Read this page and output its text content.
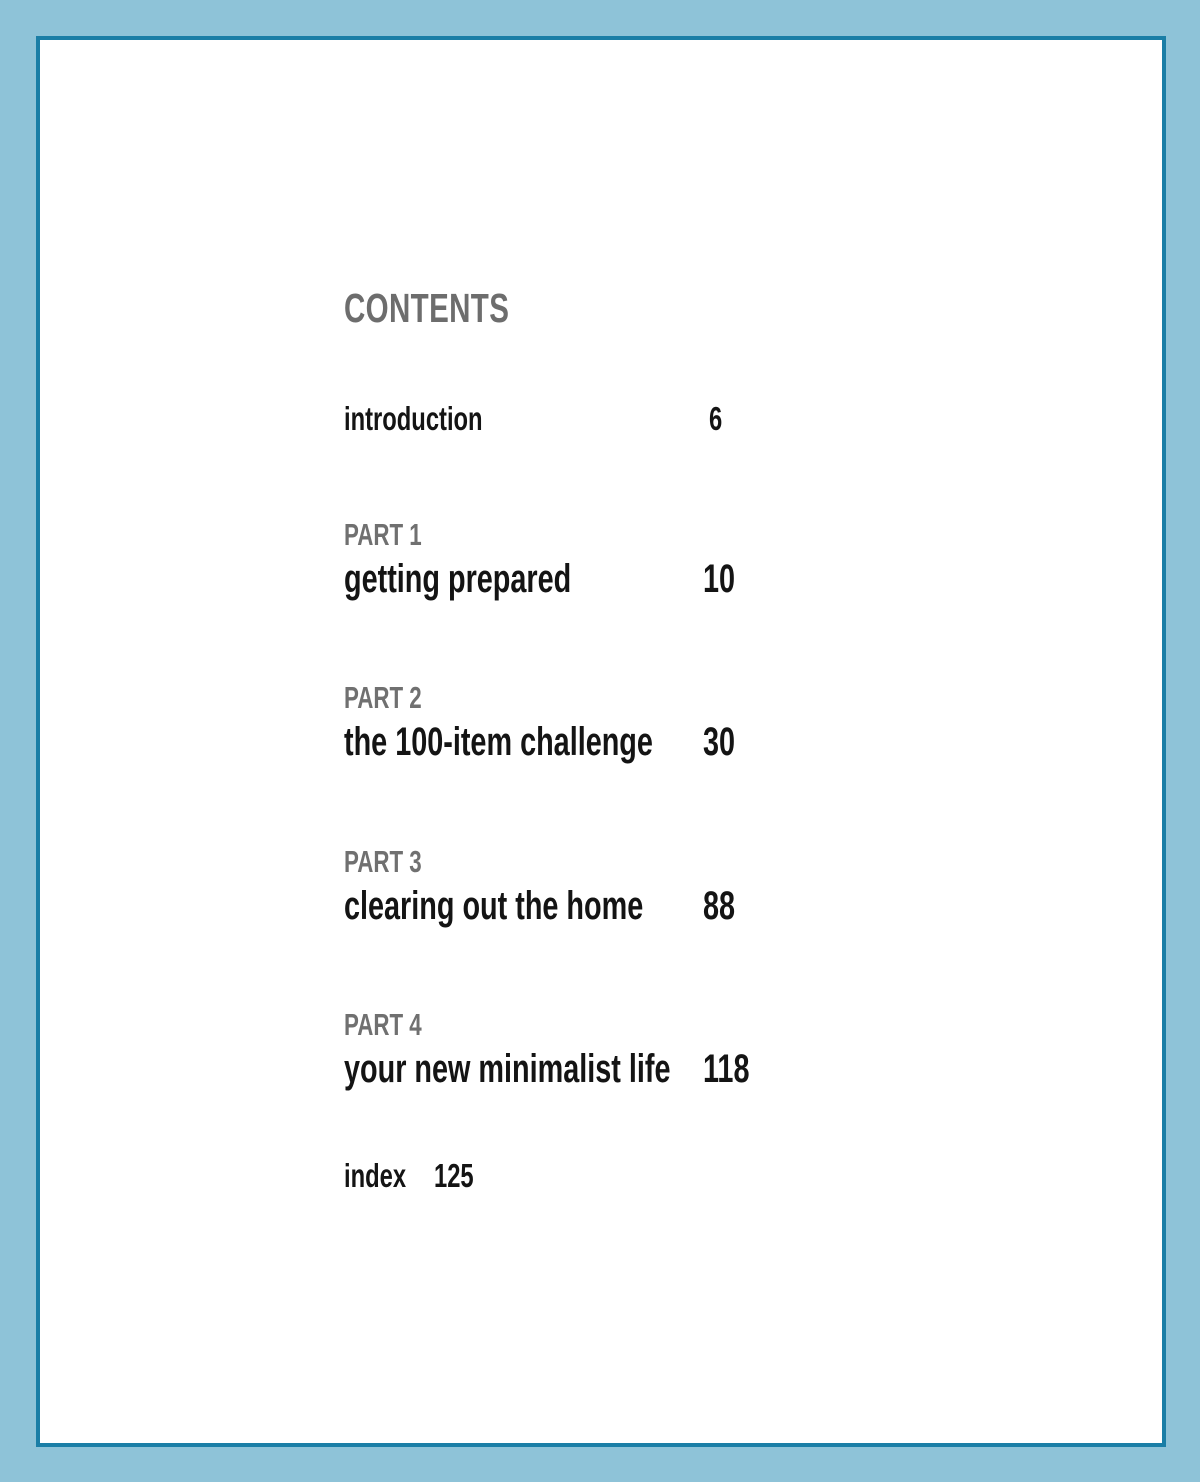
CONTENTS
introduction	6
PART 1
getting prepared	10
PART 2
the 100-item challenge 30
PART 3
clearing out the home 88
PART 4
your new minimalist life 118
index 125
